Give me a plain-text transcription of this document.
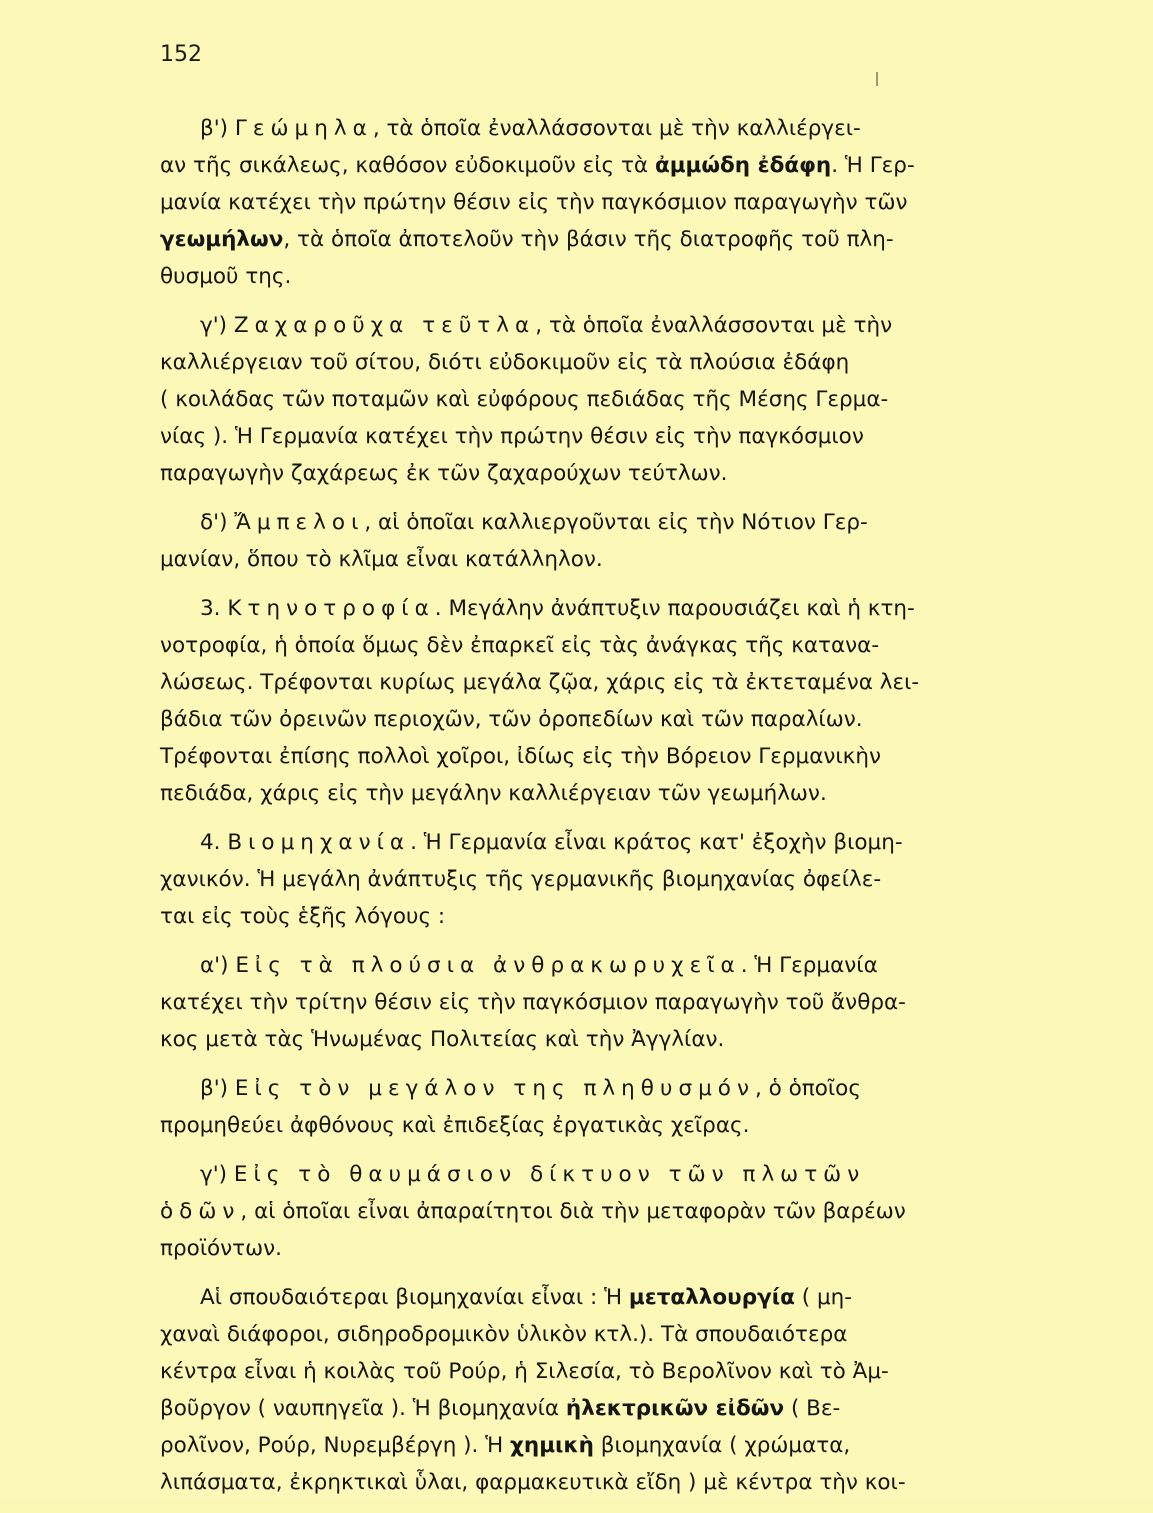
152
β') Γεώμηλα, τὰ ὁποῖα ἐναλλάσσονται μὲ τὴν καλλιέργει-
αν τῆς σικάλεως, καθόσον εὐδοκιμοῦν εἰς τὰ ἀμμώδη ἐδάφη. Ἡ Γερ-
μανία κατέχει τὴν πρώτην θέσιν εἰς τὴν παγκόσμιον παραγωγὴν τῶν
γεωμήλων, τὰ ὁποῖα ἀποτελοῦν τὴν βάσιν τῆς διατροφῆς τοῦ πλη-
θυσμοῦ της.
γ') Ζαχαροῦχα τεῦτλα, τὰ ὁποῖα ἐναλλάσσονται μὲ τὴν
καλλιέργειαν τοῦ σίτου, διότι εὐδοκιμοῦν εἰς τὰ πλούσια ἐδάφη
( κοιλάδας τῶν ποταμῶν καὶ εὐφόρους πεδιάδας τῆς Μέσης Γερμα-
νίας ). Ἡ Γερμανία κατέχει τὴν πρώτην θέσιν εἰς τὴν παγκόσμιον
παραγωγὴν ζαχάρεως ἐκ τῶν ζαχαρούχων τεύτλων.
δ') Ἄμπελοι, αἱ ὁποῖαι καλλιεργοῦνται εἰς τὴν Νότιον Γερ-
μανίαν, ὅπου τὸ κλῖμα εἶναι κατάλληλον.
3. Κτηνοτροφία. Μεγάλην ἀνάπτυξιν παρουσιάζει καὶ ἡ κτη-
νοτροφία, ἡ ὁποία ὅμως δὲν ἐπαρκεῖ εἰς τὰς ἀνάγκας τῆς κατανα-
λώσεως. Τρέφονται κυρίως μεγάλα ζῷα, χάρις εἰς τὰ ἐκτεταμένα λει-
βάδια τῶν ὀρεινῶν περιοχῶν, τῶν ὀροπεδίων καὶ τῶν παραλίων.
Τρέφονται ἐπίσης πολλοὶ χοῖροι, ἰδίως εἰς τὴν Βόρειον Γερμανικὴν
πεδιάδα, χάρις εἰς τὴν μεγάλην καλλιέργειαν τῶν γεωμήλων.
4. Βιομηχανία. Ἡ Γερμανία εἶναι κράτος κατ' ἐξοχὴν βιομη-
χανικόν. Ἡ μεγάλη ἀνάπτυξις τῆς γερμανικῆς βιομηχανίας ὀφείλε-
ται εἰς τοὺς ἑξῆς λόγους :
α') Εἰς τὰ πλούσια ἀνθρακωρυχεῖα. Ἡ Γερμανία
κατέχει τὴν τρίτην θέσιν εἰς τὴν παγκόσμιον παραγωγὴν τοῦ ἄνθρα-
κος μετὰ τὰς Ἡνωμένας Πολιτείας καὶ τὴν Ἀγγλίαν.
β') Εἰς τὸν μεγάλον της πληθυσμόν, ὁ ὁποῖος
προμηθεύει ἀφθόνους καὶ ἐπιδεξίας ἐργατικὰς χεῖρας.
γ') Εἰς τὸ θαυμάσιον δίκτυον τῶν πλωτῶν
ὁδῶν, αἱ ὁποῖαι εἶναι ἀπαραίτητοι διὰ τὴν μεταφορὰν τῶν βαρέων
προϊόντων.
Αἱ σπουδαιότεραι βιομηχανίαι εἶναι : Ἡ μεταλλουργία ( μη-
χαναὶ διάφοροι, σιδηροδρομικὸν ὑλικὸν κτλ.). Τὰ σπουδαιότερα
κέντρα εἶναι ἡ κοιλὰς τοῦ Ρούρ, ἡ Σιλεσία, τὸ Βερολῖνον καὶ τὸ Ἀμ-
βοῦργον ( ναυπηγεῖα ). Ἡ βιομηχανία ἠλεκτρικῶν εἰδῶν ( Βε-
ρολῖνον, Ρούρ, Νυρεμβέργη ). Ἡ χημικὴ βιομηχανία ( χρώματα,
λιπάσματα, ἐκρηκτικαὶ ὗλαι, φαρμακευτικὰ εἴδη ) μὲ κέντρα τὴν κοι-
